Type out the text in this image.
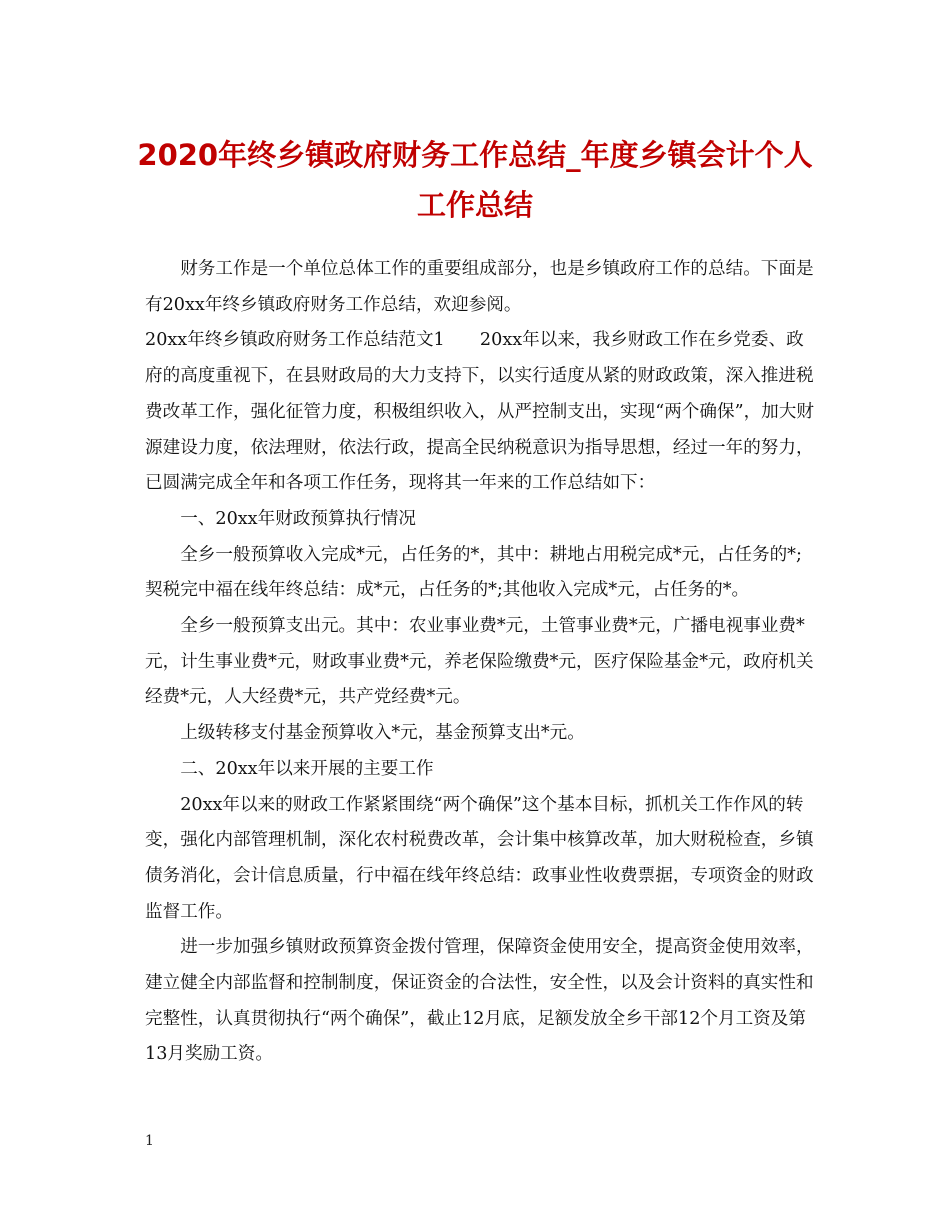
2020年终乡镇政府财务工作总结_年度乡镇会计个人工作总结

财务工作是一个单位总体工作的重要组成部分，也是乡镇政府工作的总结。下面是有20xx年终乡镇政府财务工作总结，欢迎参阅。

20xx年终乡镇政府财务工作总结范文1　　20xx年以来，我乡财政工作在乡党委、政府的高度重视下，在县财政局的大力支持下，以实行适度从紧的财政政策，深入推进税费改革工作，强化征管力度，积极组织收入，从严控制支出，实现“两个确保”，加大财源建设力度，依法理财，依法行政，提高全民纳税意识为指导思想，经过一年的努力，已圆满完成全年和各项工作任务，现将其一年来的工作总结如下：

一、20xx年财政预算执行情况

全乡一般预算收入完成*元，占任务的*，其中：耕地占用税完成*元，占任务的*;契税完中福在线年终总结：成*元，占任务的*;其他收入完成*元，占任务的*。

全乡一般预算支出元。其中：农业事业费*元，土管事业费*元，广播电视事业费*元，计生事业费*元，财政事业费*元，养老保险缴费*元，医疗保险基金*元，政府机关经费*元，人大经费*元，共产党经费*元。

上级转移支付基金预算收入*元，基金预算支出*元。

二、20xx年以来开展的主要工作

20xx年以来的财政工作紧紧围绕“两个确保”这个基本目标，抓机关工作作风的转变，强化内部管理机制，深化农村税费改革，会计集中核算改革，加大财税检查，乡镇债务消化，会计信息质量，行中福在线年终总结：政事业性收费票据，专项资金的财政监督工作。

进一步加强乡镇财政预算资金拨付管理，保障资金使用安全，提高资金使用效率，建立健全内部监督和控制制度，保证资金的合法性，安全性，以及会计资料的真实性和完整性，认真贯彻执行“两个确保”，截止12月底，足额发放全乡干部12个月工资及第13月奖励工资。

1
